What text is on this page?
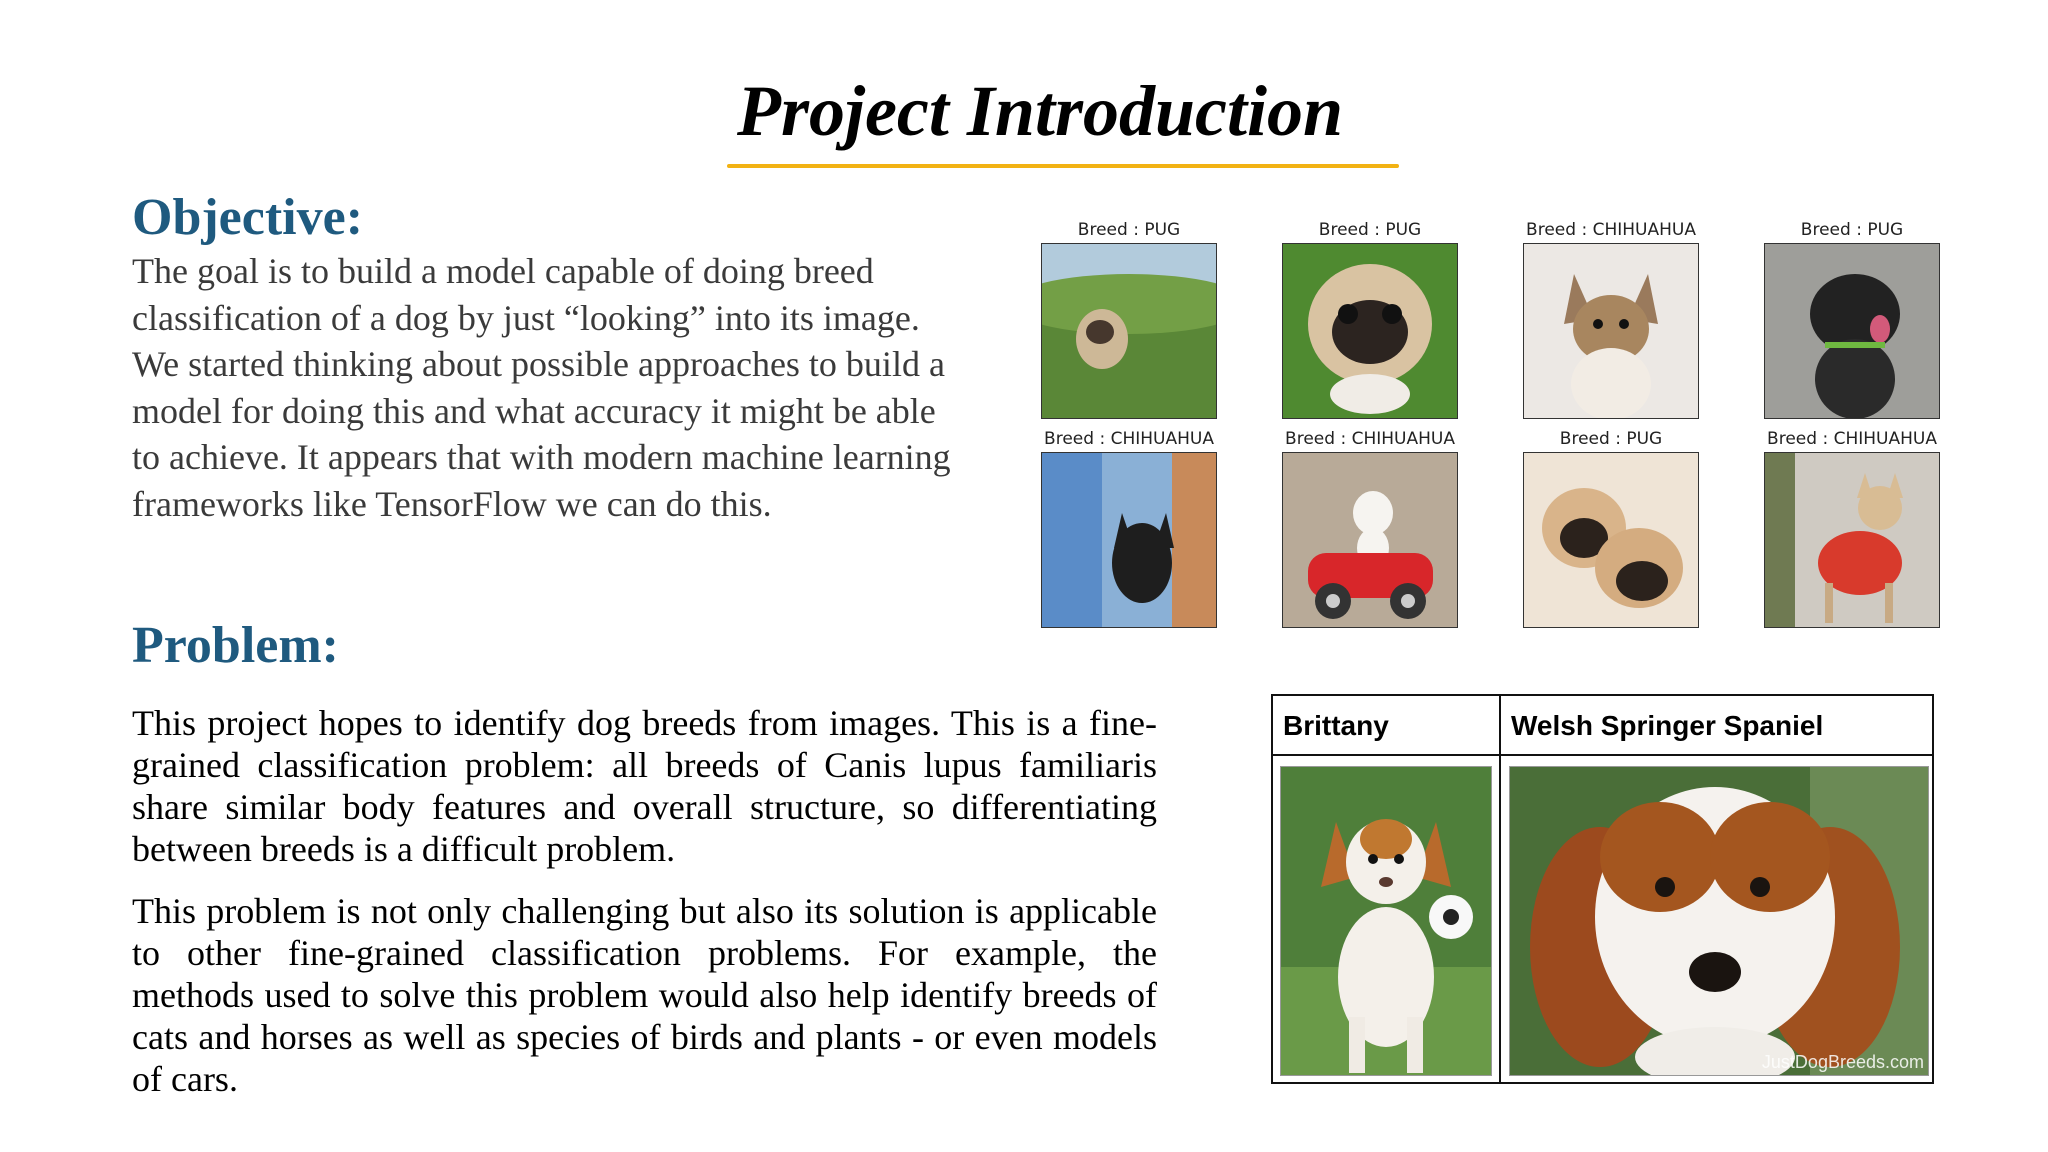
Project Introduction
Objective:
The goal is to build a model capable of doing breed classification of a dog by just “looking” into its image. We started thinking about possible approaches to build a model for doing this and what accuracy it might be able to achieve. It appears that with modern machine learning frameworks like TensorFlow we can do this.
Problem:
This project hopes to identify dog breeds from images. This is a fine-grained classification problem: all breeds of Canis lupus familiaris share similar body features and overall structure, so differentiating between breeds is a difficult problem.
This problem is not only challenging but also its solution is applicable to other fine-grained classification problems. For example, the methods used to solve this problem would also help identify breeds of cats and horses as well as species of birds and plants - or even models of cars.
Breed : PUG	Breed : PUG	Breed : CHIHUAHUA	Breed : PUG
Breed : CHIHUAHUA	Breed : CHIHUAHUA	Breed : PUG	Breed : CHIHUAHUA
Brittany	Welsh Springer Spaniel
JustDogBreeds.com
